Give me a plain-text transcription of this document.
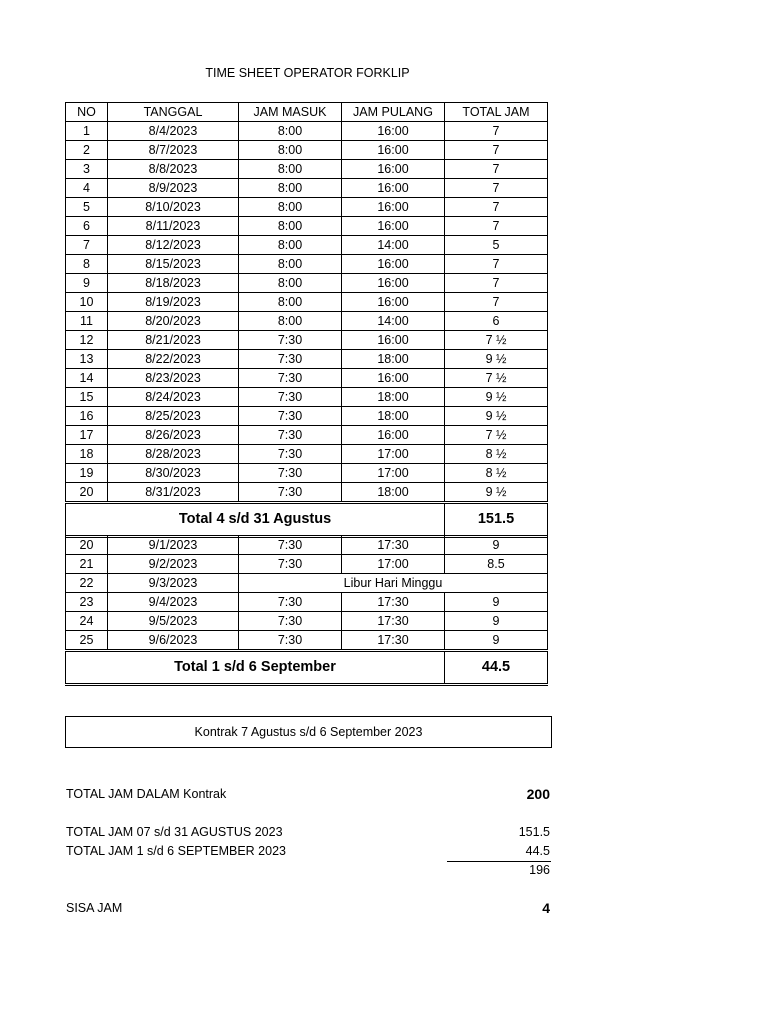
TIME SHEET OPERATOR FORKLIP
NO	TANGGAL	JAM MASUK	JAM PULANG	TOTAL JAM
1	8/4/2023	8:00	16:00	7
2	8/7/2023	8:00	16:00	7
3	8/8/2023	8:00	16:00	7
4	8/9/2023	8:00	16:00	7
5	8/10/2023	8:00	16:00	7
6	8/11/2023	8:00	16:00	7
7	8/12/2023	8:00	14:00	5
8	8/15/2023	8:00	16:00	7
9	8/18/2023	8:00	16:00	7
10	8/19/2023	8:00	16:00	7
11	8/20/2023	8:00	14:00	6
12	8/21/2023	7:30	16:00	7 ½
13	8/22/2023	7:30	18:00	9 ½
14	8/23/2023	7:30	16:00	7 ½
15	8/24/2023	7:30	18:00	9 ½
16	8/25/2023	7:30	18:00	9 ½
17	8/26/2023	7:30	16:00	7 ½
18	8/28/2023	7:30	17:00	8 ½
19	8/30/2023	7:30	17:00	8 ½
20	8/31/2023	7:30	18:00	9 ½
Total 4 s/d 31 Agustus				151.5
20	9/1/2023	7:30	17:30	9
21	9/2/2023	7:30	17:00	8.5
22	9/3/2023	Libur Hari Minggu		
23	9/4/2023	7:30	17:30	9
24	9/5/2023	7:30	17:30	9
25	9/6/2023	7:30	17:30	9
Total 1 s/d 6 September				44.5
Kontrak 7 Agustus s/d 6 September 2023
TOTAL JAM DALAM Kontrak	200
TOTAL JAM 07 s/d 31 AGUSTUS 2023	151.5
TOTAL JAM 1 s/d 6 SEPTEMBER 2023	44.5
196
SISA JAM	4
